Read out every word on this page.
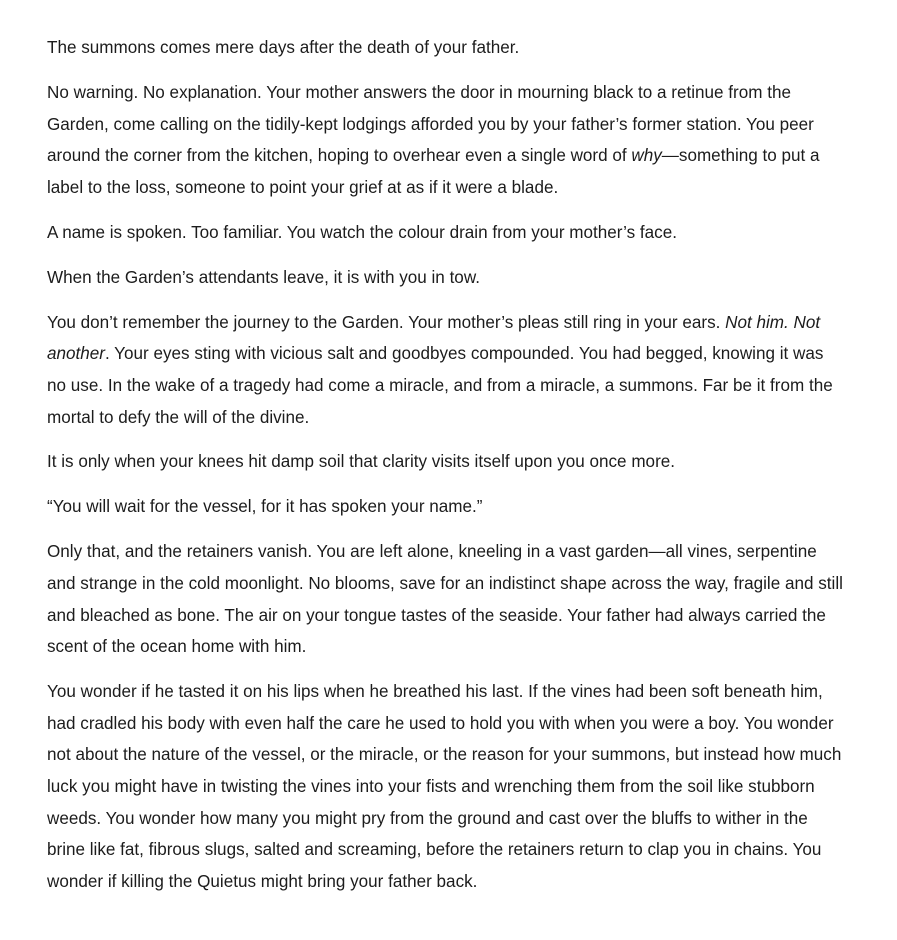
The summons comes mere days after the death of your father.

No warning. No explanation. Your mother answers the door in mourning black to a retinue from the Garden, come calling on the tidily-kept lodgings afforded you by your father’s former station. You peer around the corner from the kitchen, hoping to overhear even a single word of why—something to put a label to the loss, someone to point your grief at as if it were a blade.

A name is spoken. Too familiar. You watch the colour drain from your mother’s face.

When the Garden’s attendants leave, it is with you in tow.

You don’t remember the journey to the Garden. Your mother’s pleas still ring in your ears. Not him. Not another. Your eyes sting with vicious salt and goodbyes compounded. You had begged, knowing it was no use. In the wake of a tragedy had come a miracle, and from a miracle, a summons. Far be it from the mortal to defy the will of the divine.

It is only when your knees hit damp soil that clarity visits itself upon you once more.

“You will wait for the vessel, for it has spoken your name.”

Only that, and the retainers vanish. You are left alone, kneeling in a vast garden—all vines, serpentine and strange in the cold moonlight. No blooms, save for an indistinct shape across the way, fragile and still and bleached as bone. The air on your tongue tastes of the seaside. Your father had always carried the scent of the ocean home with him.

You wonder if he tasted it on his lips when he breathed his last. If the vines had been soft beneath him, had cradled his body with even half the care he used to hold you with when you were a boy. You wonder not about the nature of the vessel, or the miracle, or the reason for your summons, but instead how much luck you might have in twisting the vines into your fists and wrenching them from the soil like stubborn weeds. You wonder how many you might pry from the ground and cast over the bluffs to wither in the brine like fat, fibrous slugs, salted and screaming, before the retainers return to clap you in chains. You wonder if killing the Quietus might bring your father back.
